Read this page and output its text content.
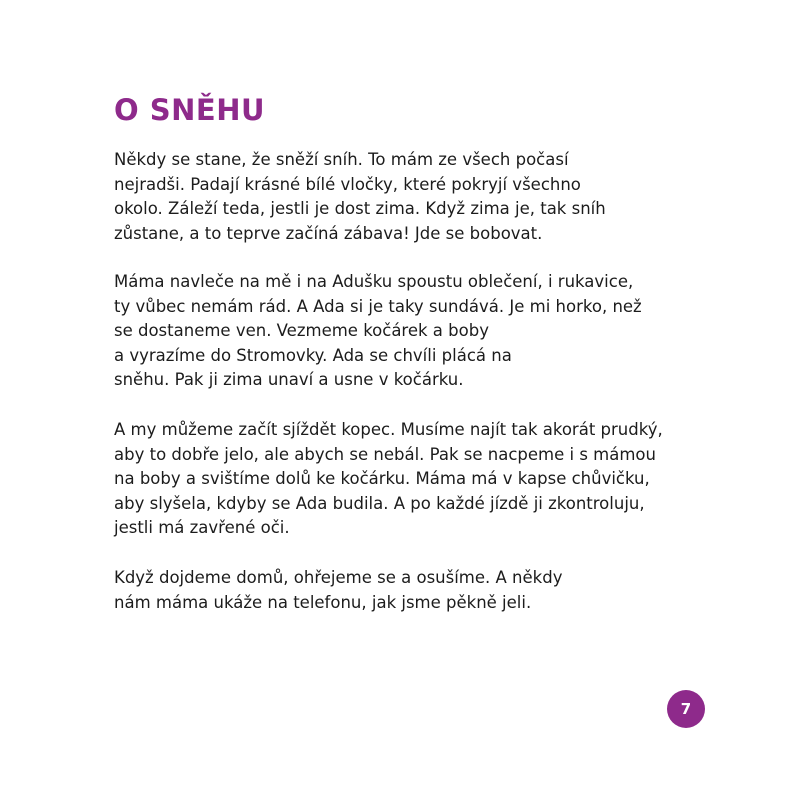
O SNĚHU

Někdy se stane, že sněží sníh. To mám ze všech počasí
nejradši. Padají krásné bílé vločky, které pokryjí všechno
okolo. Záleží teda, jestli je dost zima. Když zima je, tak sníh
zůstane, a to teprve začíná zábava! Jde se bobovat.

Máma navleče na mě i na Adušku spoustu oblečení, i rukavice,
ty vůbec nemám rád. A Ada si je taky sundává. Je mi horko, než
se dostaneme ven. Vezmeme kočárek a boby
a vyrazíme do Stromovky. Ada se chvíli plácá na
sněhu. Pak ji zima unaví a usne v kočárku.

A my můžeme začít sjíždět kopec. Musíme najít tak akorát prudký,
aby to dobře jelo, ale abych se nebál. Pak se nacpeme i s mámou
na boby a svištíme dolů ke kočárku. Máma má v kapse chůvičku,
aby slyšela, kdyby se Ada budila. A po každé jízdě ji zkontroluju,
jestli má zavřené oči.

Když dojdeme domů, ohřejeme se a osušíme. A někdy
nám máma ukáže na telefonu, jak jsme pěkně jeli.

7
